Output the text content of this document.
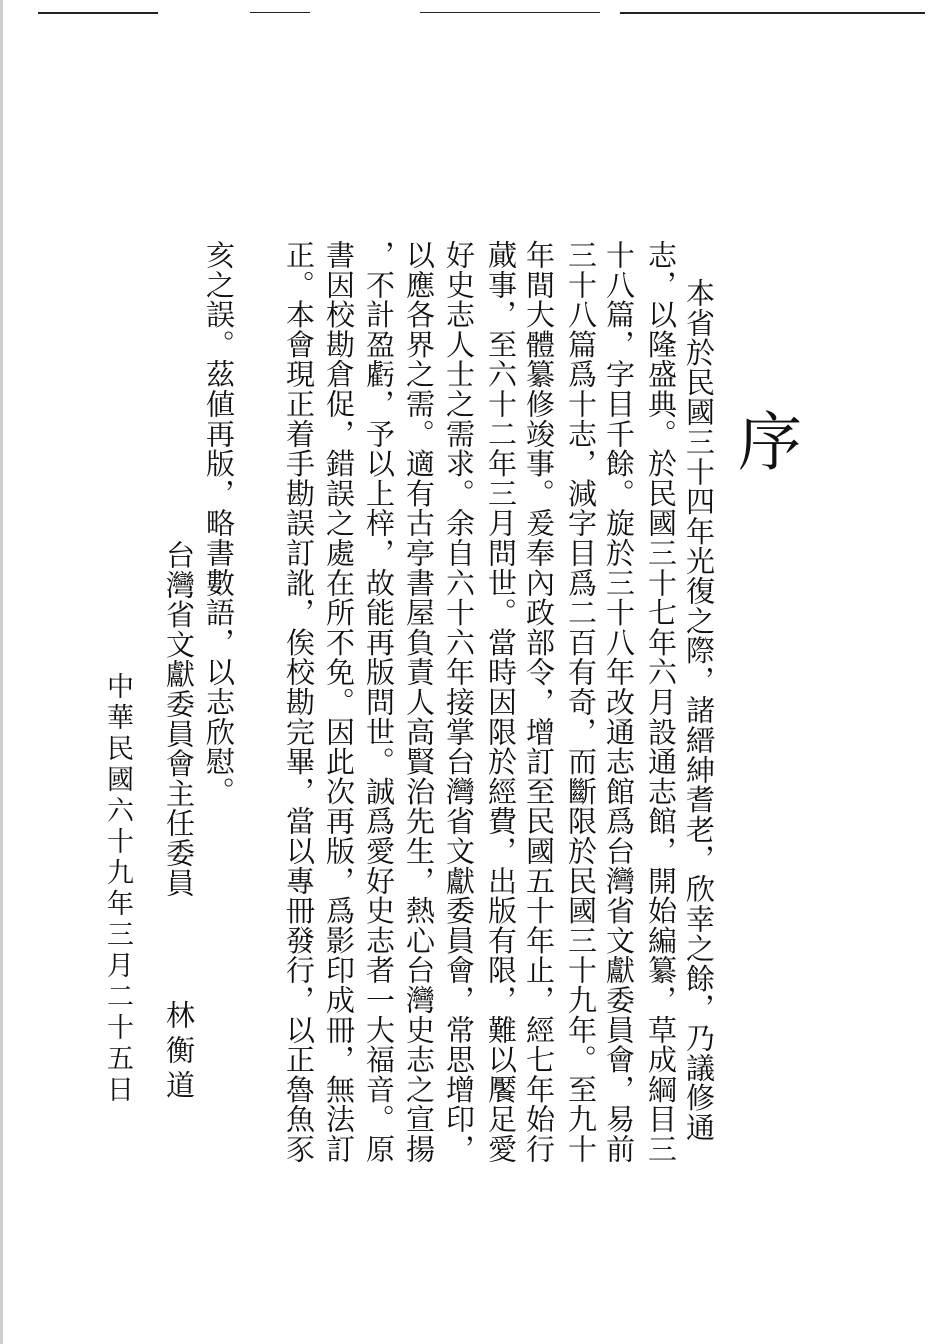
序
本省於民國三十四年光復之際，諸縉紳耆老，欣幸之餘，乃議修通
志，以隆盛典。於民國三十七年六月設通志館，開始編纂，草成綱目三
十八篇，字目千餘。旋於三十八年改通志館爲台灣省文獻委員會，易前
三十八篇爲十志，減字目爲二百有奇，而斷限於民國三十九年。至九十
年間大體纂修竣事。爰奉內政部令，增訂至民國五十年止，經七年始行
蕆事，至六十二年三月問世。當時因限於經費，出版有限，難以饜足愛
好史志人士之需求。余自六十六年接掌台灣省文獻委員會，常思增印，
以應各界之需。適有古亭書屋負責人高賢治先生，熱心台灣史志之宣揚
，不計盈虧，予以上梓，故能再版問世。誠爲愛好史志者一大福音。原
書因校勘倉促，錯誤之處在所不免。因此次再版，爲影印成冊，無法訂
正。本會現正着手勘誤訂訛，俟校勘完畢，當以專冊發行，以正魯魚豕
亥之誤。茲値再版，略書數語，以志欣慰。
台灣省文獻委員會主任委員
林衡道
中華民國六十九年三月二十五日
